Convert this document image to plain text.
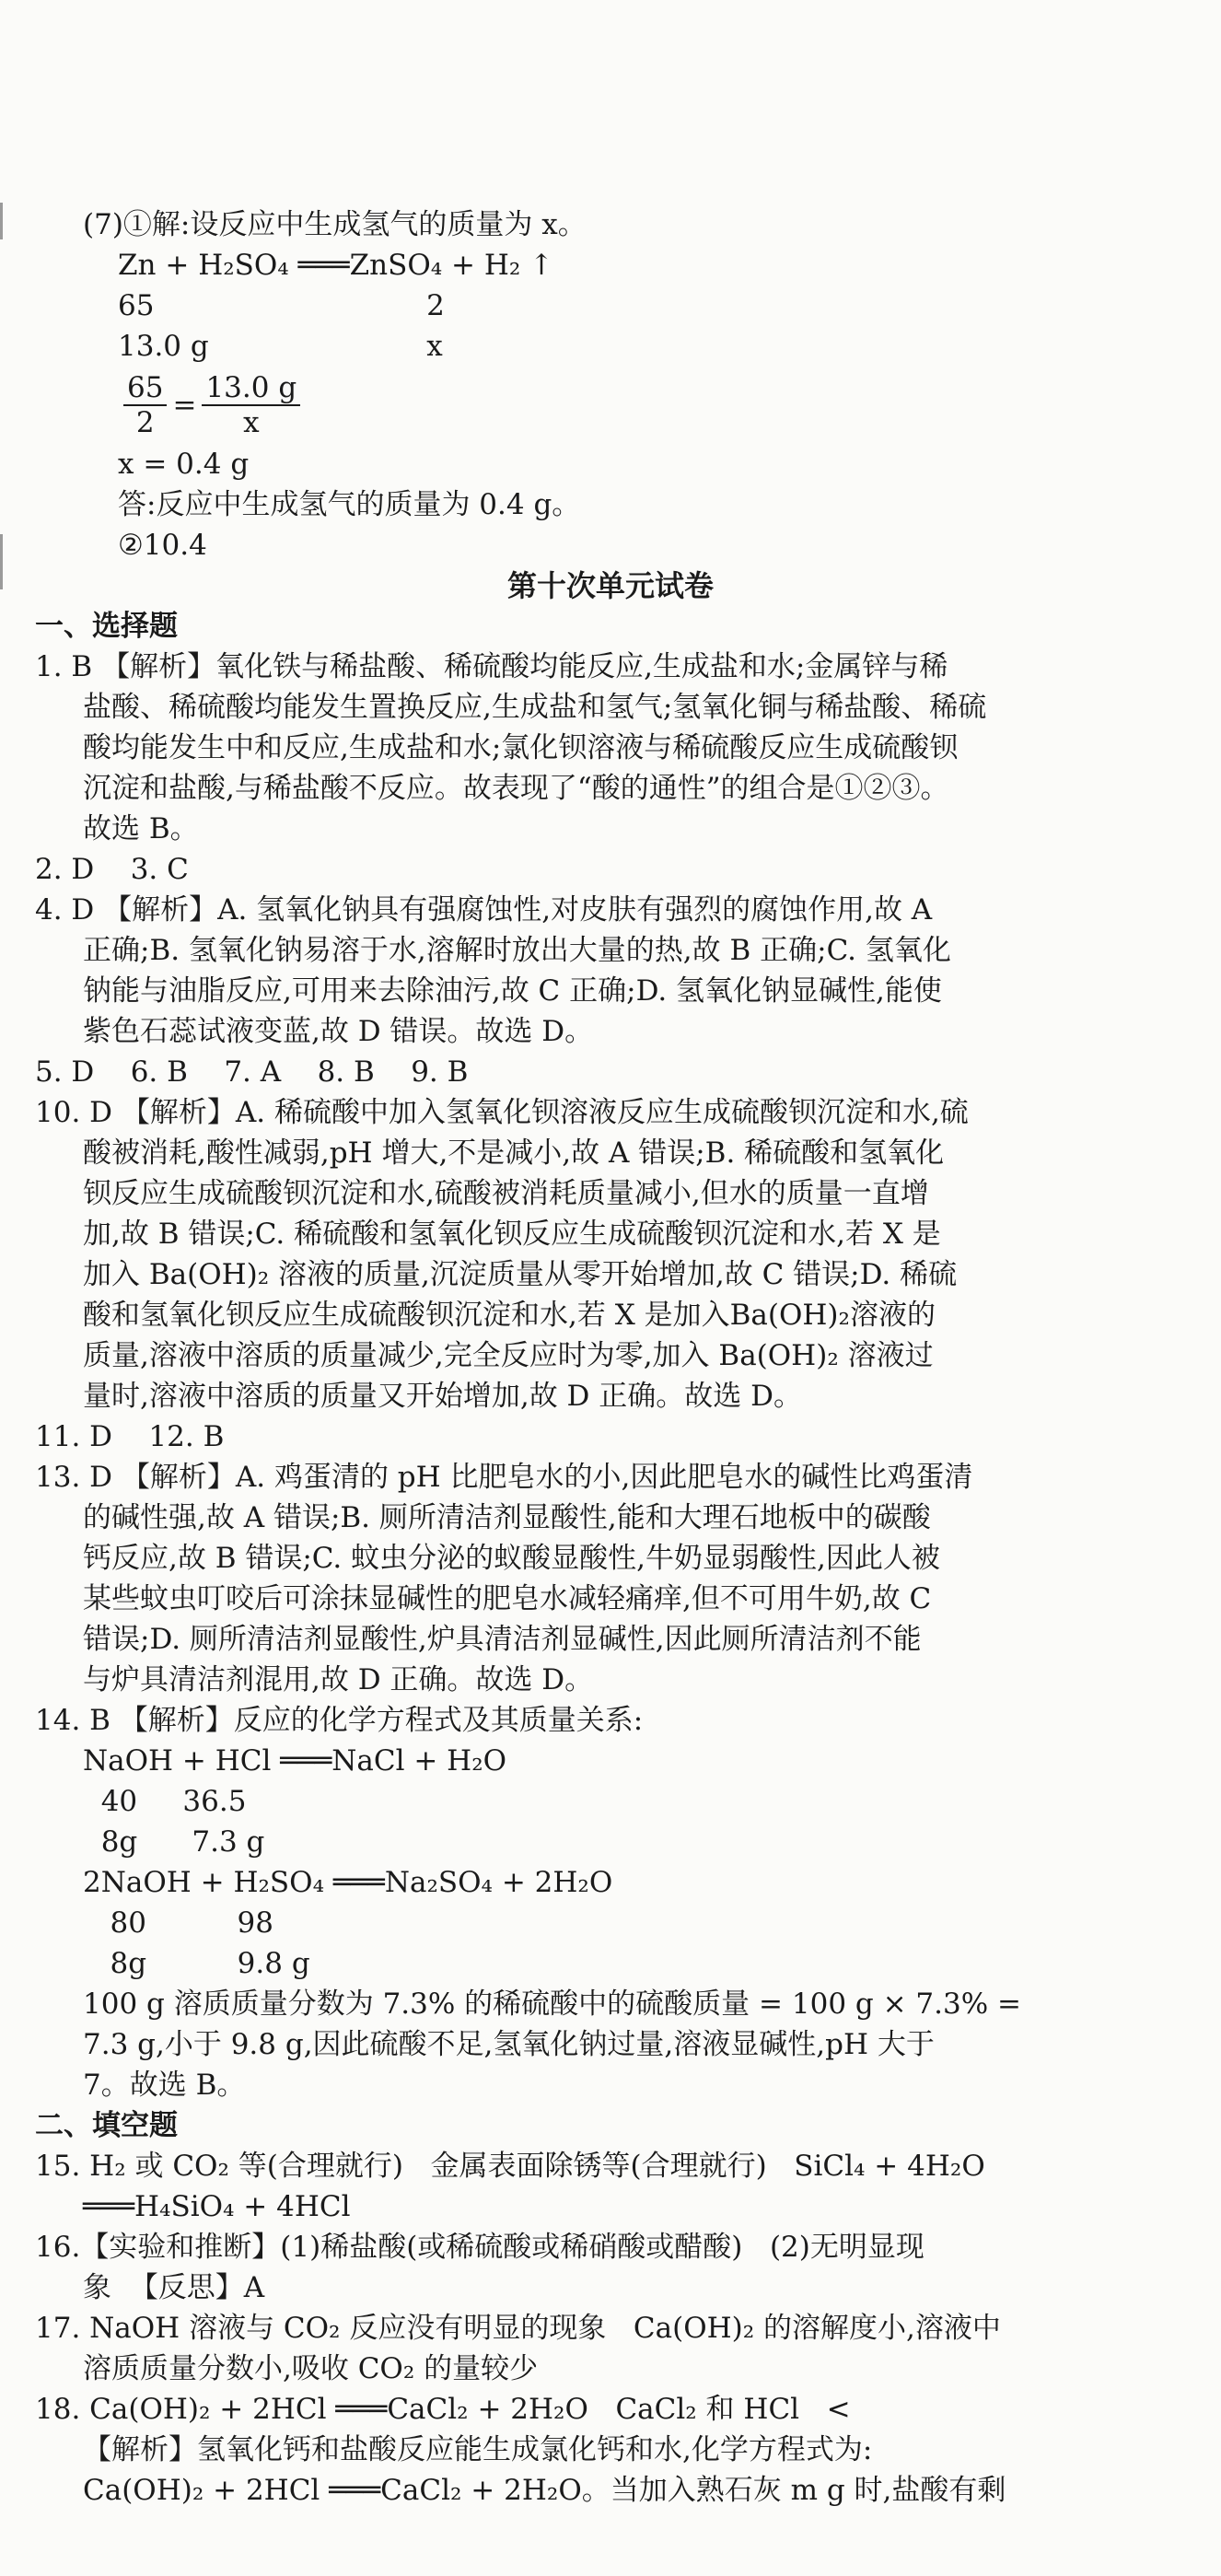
(7)①解:设反应中生成氢气的质量为 x。
Zn + H₂SO₄ ═══ZnSO₄ + H₂ ↑
65                              2
13.0 g                        x
$\frac{65}{2} = \frac{13.0 g}{x}$
x = 0.4 g
答:反应中生成氢气的质量为 0.4 g。
②10.4
第十次单元试卷
一、选择题
1. B 【解析】氧化铁与稀盐酸、稀硫酸均能反应,生成盐和水;金属锌与稀
盐酸、稀硫酸均能发生置换反应,生成盐和氢气;氢氧化铜与稀盐酸、稀硫
酸均能发生中和反应,生成盐和水;氯化钡溶液与稀硫酸反应生成硫酸钡
沉淀和盐酸,与稀盐酸不反应。故表现了“酸的通性”的组合是①②③。
故选 B。
2. D    3. C
4. D 【解析】A. 氢氧化钠具有强腐蚀性,对皮肤有强烈的腐蚀作用,故 A
正确;B. 氢氧化钠易溶于水,溶解时放出大量的热,故 B 正确;C. 氢氧化
钠能与油脂反应,可用来去除油污,故 C 正确;D. 氢氧化钠显碱性,能使
紫色石蕊试液变蓝,故 D 错误。故选 D。
5. D    6. B    7. A    8. B    9. B
10. D 【解析】A. 稀硫酸中加入氢氧化钡溶液反应生成硫酸钡沉淀和水,硫
酸被消耗,酸性减弱,pH 增大,不是减小,故 A 错误;B. 稀硫酸和氢氧化
钡反应生成硫酸钡沉淀和水,硫酸被消耗质量减小,但水的质量一直增
加,故 B 错误;C. 稀硫酸和氢氧化钡反应生成硫酸钡沉淀和水,若 X 是
加入 Ba(OH)₂ 溶液的质量,沉淀质量从零开始增加,故 C 错误;D. 稀硫
酸和氢氧化钡反应生成硫酸钡沉淀和水,若 X 是加入Ba(OH)₂溶液的
质量,溶液中溶质的质量减少,完全反应时为零,加入 Ba(OH)₂ 溶液过
量时,溶液中溶质的质量又开始增加,故 D 正确。故选 D。
11. D    12. B
13. D 【解析】A. 鸡蛋清的 pH 比肥皂水的小,因此肥皂水的碱性比鸡蛋清
的碱性强,故 A 错误;B. 厕所清洁剂显酸性,能和大理石地板中的碳酸
钙反应,故 B 错误;C. 蚊虫分泌的蚁酸显酸性,牛奶显弱酸性,因此人被
某些蚊虫叮咬后可涂抹显碱性的肥皂水减轻痛痒,但不可用牛奶,故 C
错误;D. 厕所清洁剂显酸性,炉具清洁剂显碱性,因此厕所清洁剂不能
与炉具清洁剂混用,故 D 正确。故选 D。
14. B 【解析】反应的化学方程式及其质量关系:
NaOH + HCl ═══NaCl + H₂O
40     36.5
8g      7.3 g
2NaOH + H₂SO₄ ═══Na₂SO₄ + 2H₂O
80          98
8g          9.8 g
100 g 溶质质量分数为 7.3% 的稀硫酸中的硫酸质量 = 100 g × 7.3% =
7.3 g,小于 9.8 g,因此硫酸不足,氢氧化钠过量,溶液显碱性,pH 大于
7。故选 B。
二、填空题
15. H₂ 或 CO₂ 等(合理就行)   金属表面除锈等(合理就行)   SiCl₄ + 4H₂O
═══H₄SiO₄ + 4HCl
16.【实验和推断】(1)稀盐酸(或稀硫酸或稀硝酸或醋酸)   (2)无明显现
象  【反思】A
17. NaOH 溶液与 CO₂ 反应没有明显的现象   Ca(OH)₂ 的溶解度小,溶液中
溶质质量分数小,吸收 CO₂ 的量较少
18. Ca(OH)₂ + 2HCl ═══CaCl₂ + 2H₂O   CaCl₂ 和 HCl   <
【解析】氢氧化钙和盐酸反应能生成氯化钙和水,化学方程式为:
Ca(OH)₂ + 2HCl ═══CaCl₂ + 2H₂O。当加入熟石灰 m g 时,盐酸有剩
